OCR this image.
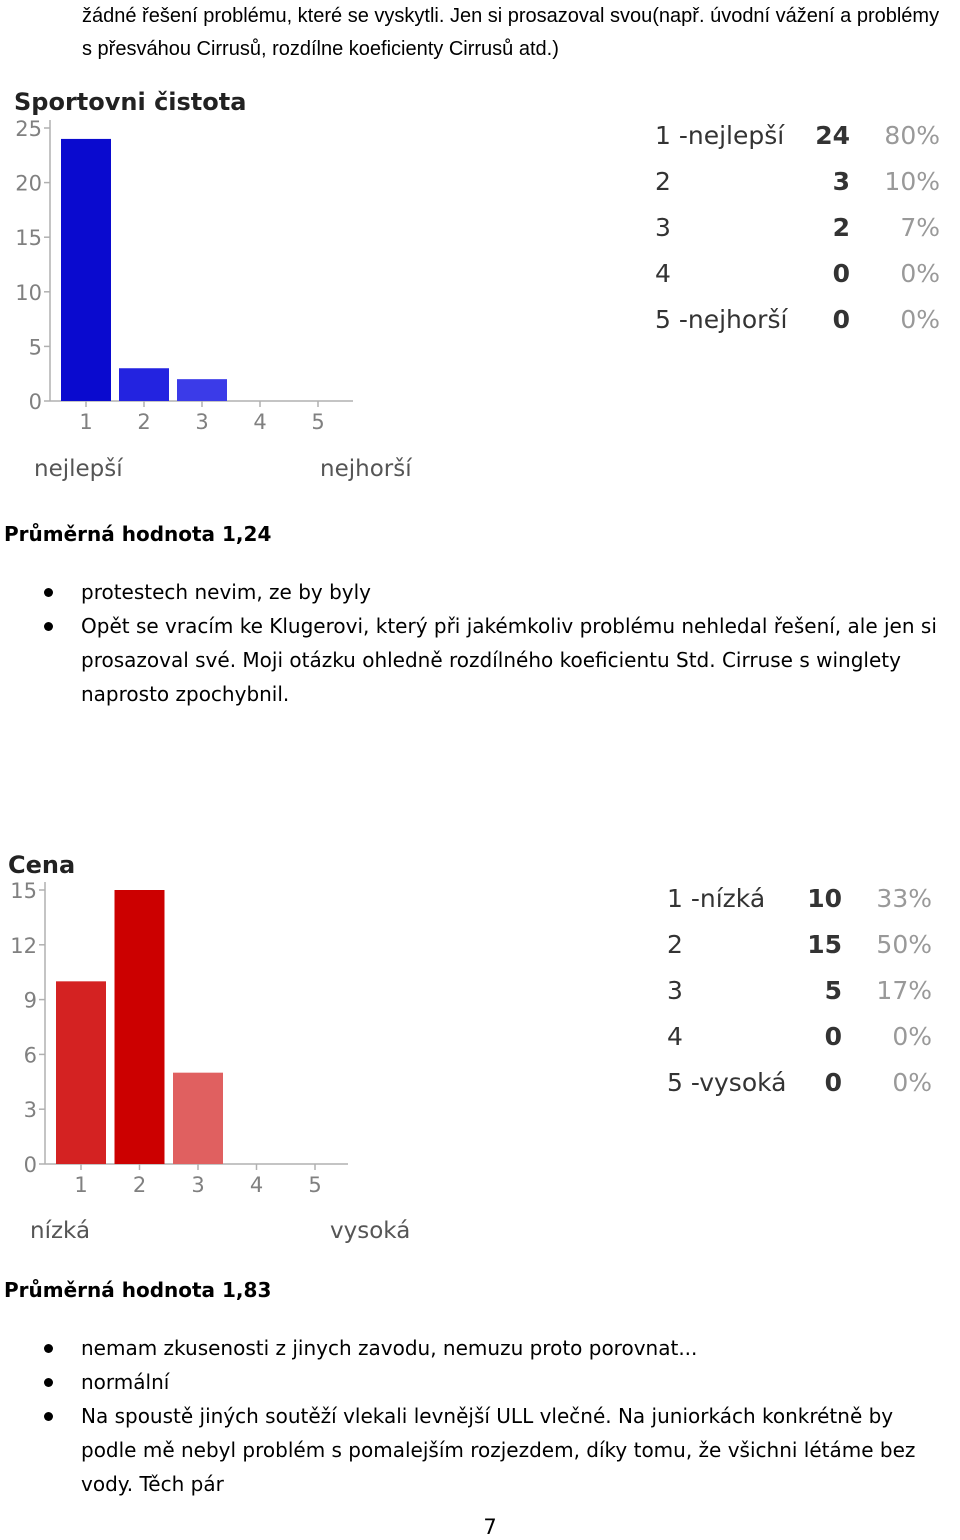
žádné řešení problému, které se vyskytli. Jen si prosazoval svou(např. úvodní vážení a problémy s přesváhou Cirrusů, rozdílne koeficienty Cirrusů atd.)
Sportovni čistota
0
5
10
15
20
25
1 2 3 4 5
nejlepší	nejhorší
1 -nejlepší 24 80%
2	3 10%
3	2 7%
4	0 0%
5 -nejhorší 0 0%
Průměrná hodnota 1,24
protestech nevim, ze by byly
Opět se vracím ke Klugerovi, který při jakémkoliv problému nehledal řešení, ale jen si prosazoval své. Moji otázku ohledně rozdílného koeficientu Std. Cirruse s winglety naprosto zpochybnil.
Cena
0
3
6
9
12
15
1 2 3 4 5
nízká	vysoká
1 -nízká 10 33%
2	15 50%
3	5 17%
4	0 0%
5 -vysoká 0 0%
Průměrná hodnota 1,83
nemam zkusenosti z jinych zavodu, nemuzu proto porovnat...
normální
Na spoustě jiných soutěží vlekali levnější ULL vlečné. Na juniorkách konkrétně by podle mě nebyl problém s pomalejším rozjezdem, díky tomu, že všichni létáme bez vody. Těch pár
7
